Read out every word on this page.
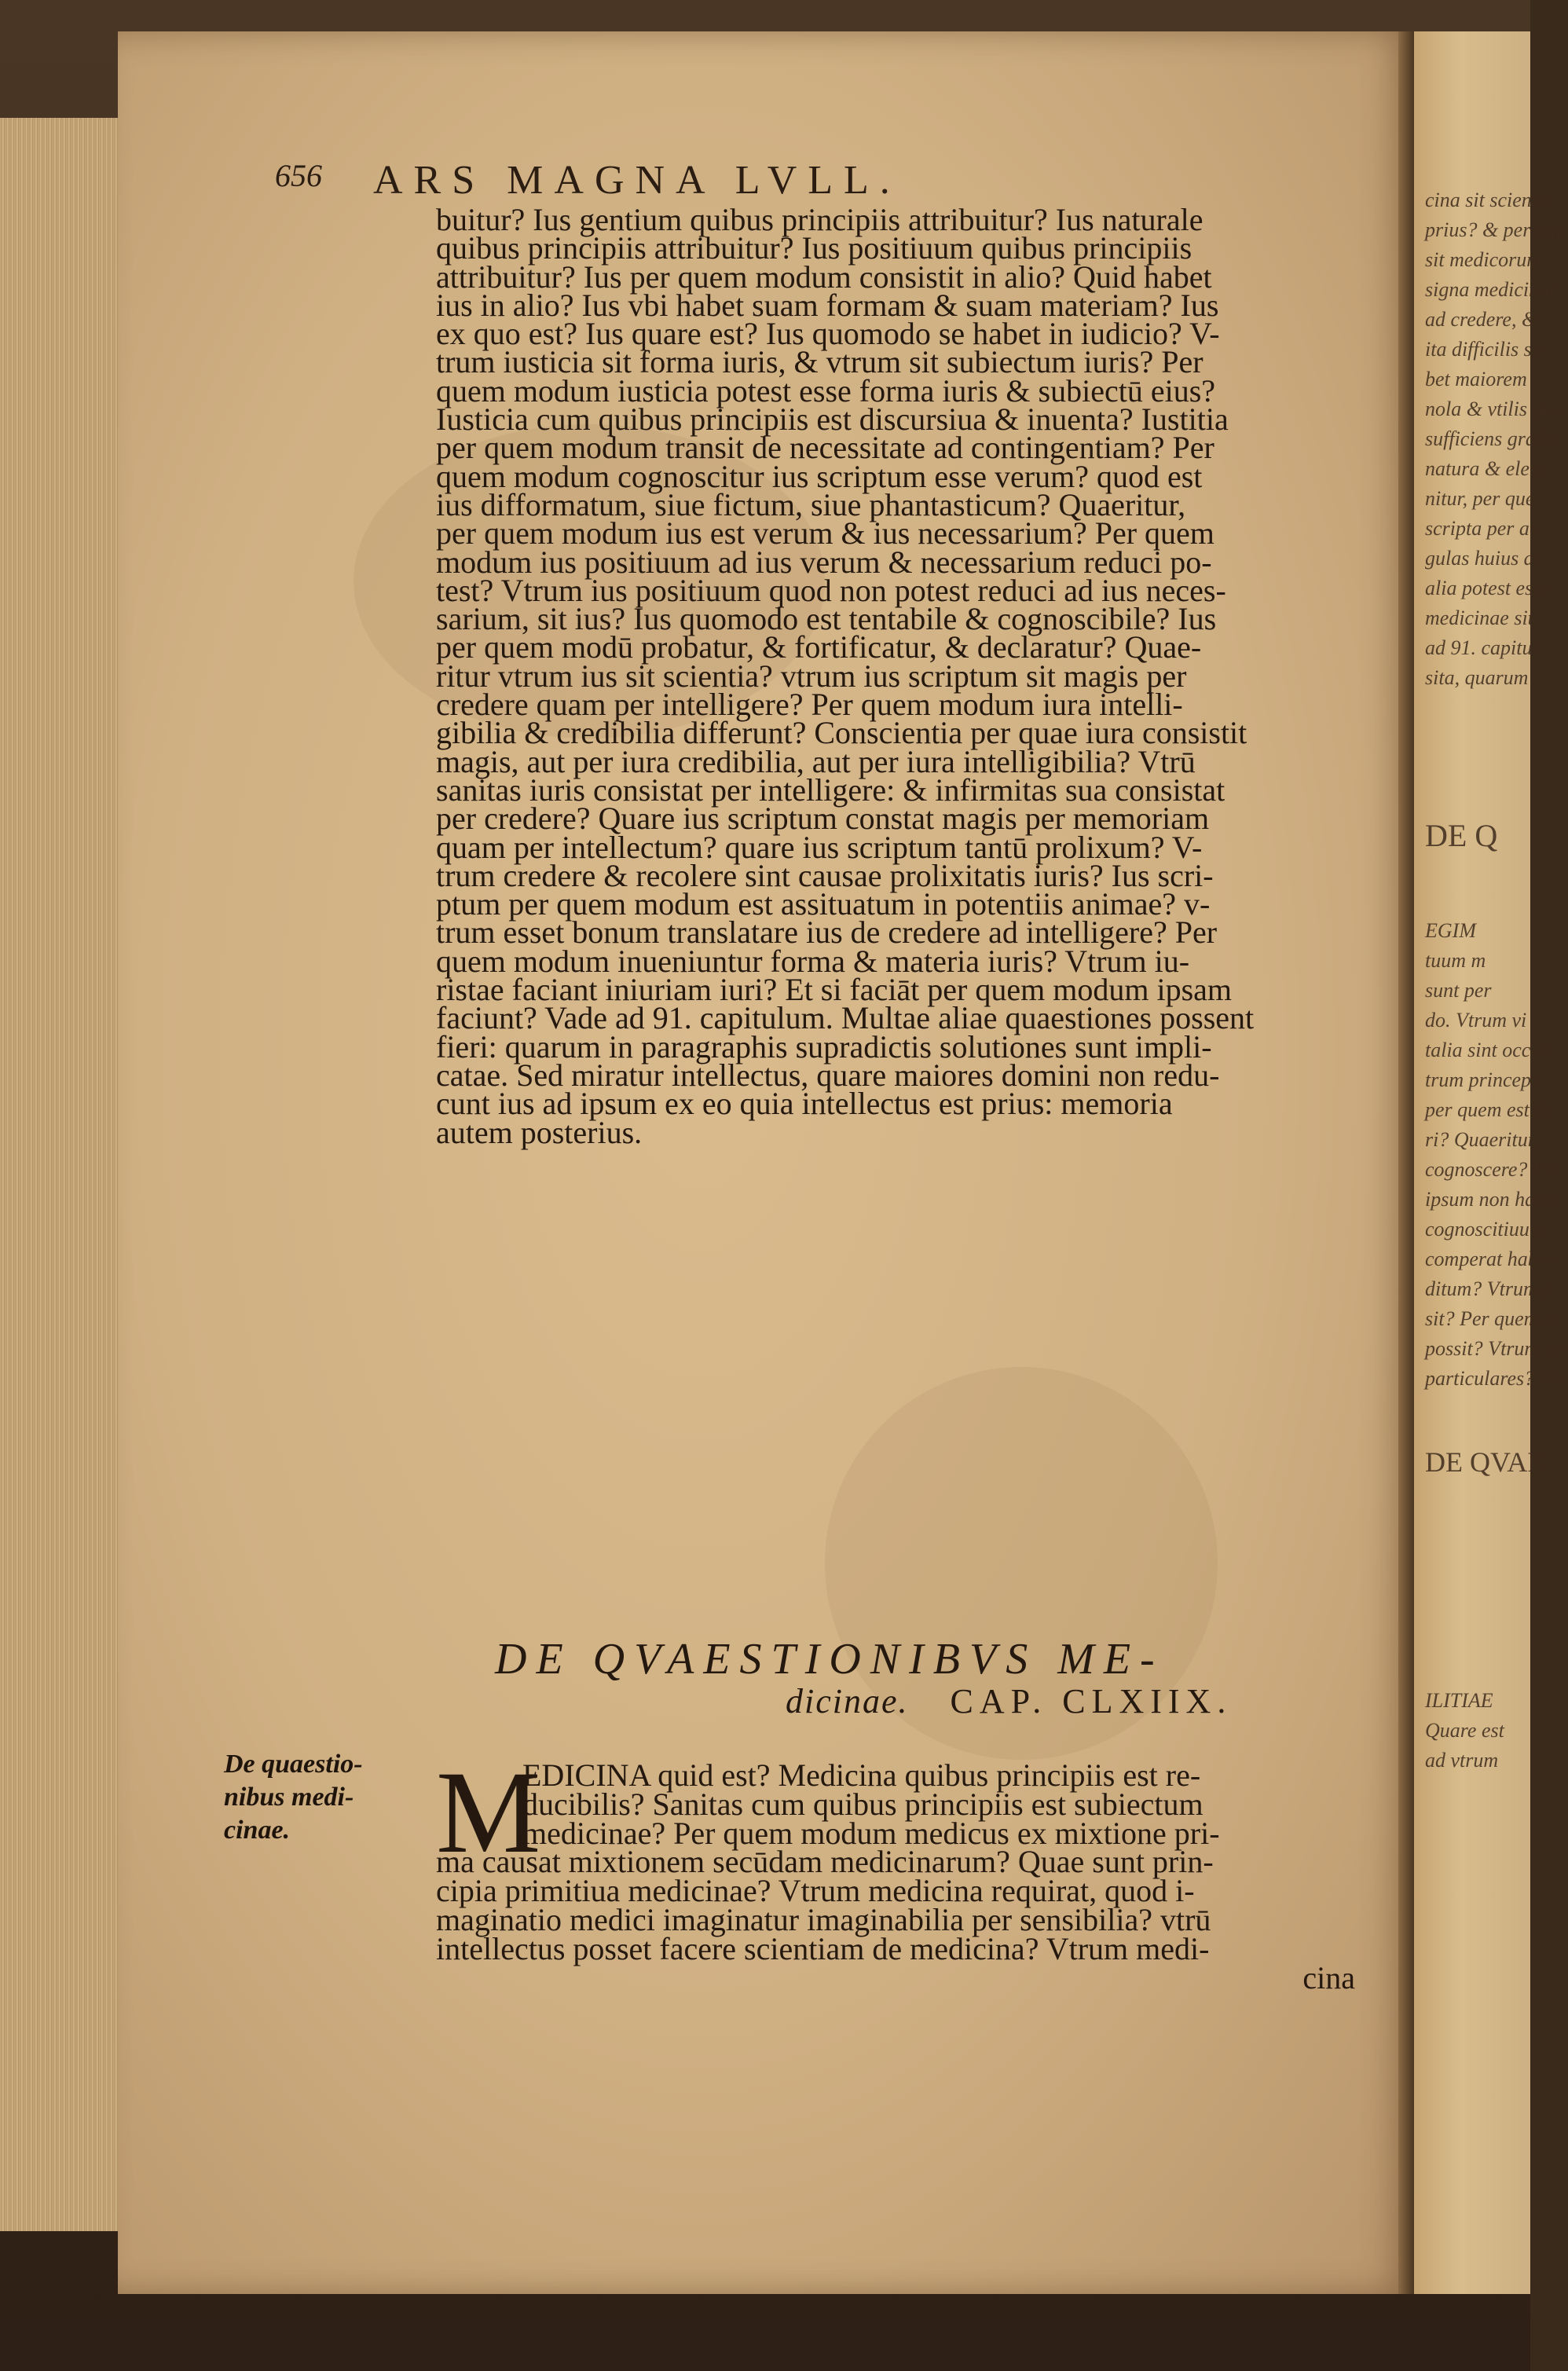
656 ARS MAGNA LVLL.
buitur? Ius gentium quibus principiis attribuitur? Ius naturale
quibus principiis attribuitur? Ius positiuum quibus principiis
attribuitur? Ius per quem modum consistit in alio? Quid habet
ius in alio? Ius vbi habet suam formam & suam materiam? Ius
ex quo est? Ius quare est? Ius quomodo se habet in iudicio? V-
trum iusticia sit forma iuris, & vtrum sit subiectum iuris? Per
quem modum iusticia potest esse forma iuris & subiectū eius?
Iusticia cum quibus principiis est discursiua & inuenta? Iustitia
per quem modum transit de necessitate ad contingentiam? Per
quem modum cognoscitur ius scriptum esse verum? quod est
ius difformatum, siue fictum, siue phantasticum? Quaeritur,
per quem modum ius est verum & ius necessarium? Per quem
modum ius positiuum ad ius verum & necessarium reduci po-
test? Vtrum ius positiuum quod non potest reduci ad ius neces-
sarium, sit ius? Ius quomodo est tentabile & cognoscibile? Ius
per quem modū probatur, & fortificatur, & declaratur? Quae-
ritur vtrum ius sit scientia? vtrum ius scriptum sit magis per
credere quam per intelligere? Per quem modum iura intelli-
gibilia & credibilia differunt? Conscientia per quae iura consistit
magis, aut per iura credibilia, aut per iura intelligibilia? Vtrū
sanitas iuris consistat per intelligere: & infirmitas sua consistat
per credere? Quare ius scriptum constat magis per memoriam
quam per intellectum? quare ius scriptum tantū prolixum? V-
trum credere & recolere sint causae prolixitatis iuris? Ius scri-
ptum per quem modum est assituatum in potentiis animae? v-
trum esset bonum translatare ius de credere ad intelligere? Per
quem modum inueniuntur forma & materia iuris? Vtrum iu-
ristae faciant iniuriam iuri? Et si faciāt per quem modum ipsam
faciunt? Vade ad 91. capitulum. Multae aliae quaestiones possent
fieri: quarum in paragraphis supradictis solutiones sunt impli-
catae. Sed miratur intellectus, quare maiores domini non redu-
cunt ius ad ipsum ex eo quia intellectus est prius: memoria
autem posterius.
DE QVAESTIONIBVS ME-
dicinae. CAP. CLXIIX.
De quaestio-
nibus medi-
cinae.	M
EDICINA quid est? Medicina quibus principiis est re-
ducibilis? Sanitas cum quibus principiis est subiectum
medicinae? Per quem modum medicus ex mixtione pri-
ma causat mixtionem secūdam medicinarum? Quae sunt prin-
cipia primitiua medicinae? Vtrum medicina requirat, quod i-
maginatio medici imaginatur imaginabilia per sensibilia? vtrū
intellectus posset facere scientiam de medicina? Vtrum medi-
cina
cina sit scientia
prius? & per qua
sit medicorum
signa medicinae
ad credere, &
ita difficilis sit
bet maiorem
nola & vtilis qua
sufficiens gradu
natura & elem
nitur, per que
scripta per au
gulas huius ar
alia potest esse
medicinae sit
ad 91. capitul
sita, quarum
DE Q
EGIM
tuum m
sunt per
do. Vtrum vi
talia sint occult
trum princeps
per quem est di
ri? Quaeritur,
cognoscere? Vtr
ipsum non habet
cognoscitiuum
comperat habere
ditum? Vtrum p
sit? Per quem m
possit? Vtrum pri
particulares? Vtr
DE QVAE
ILITIAE
Quare est
ad vtrum
